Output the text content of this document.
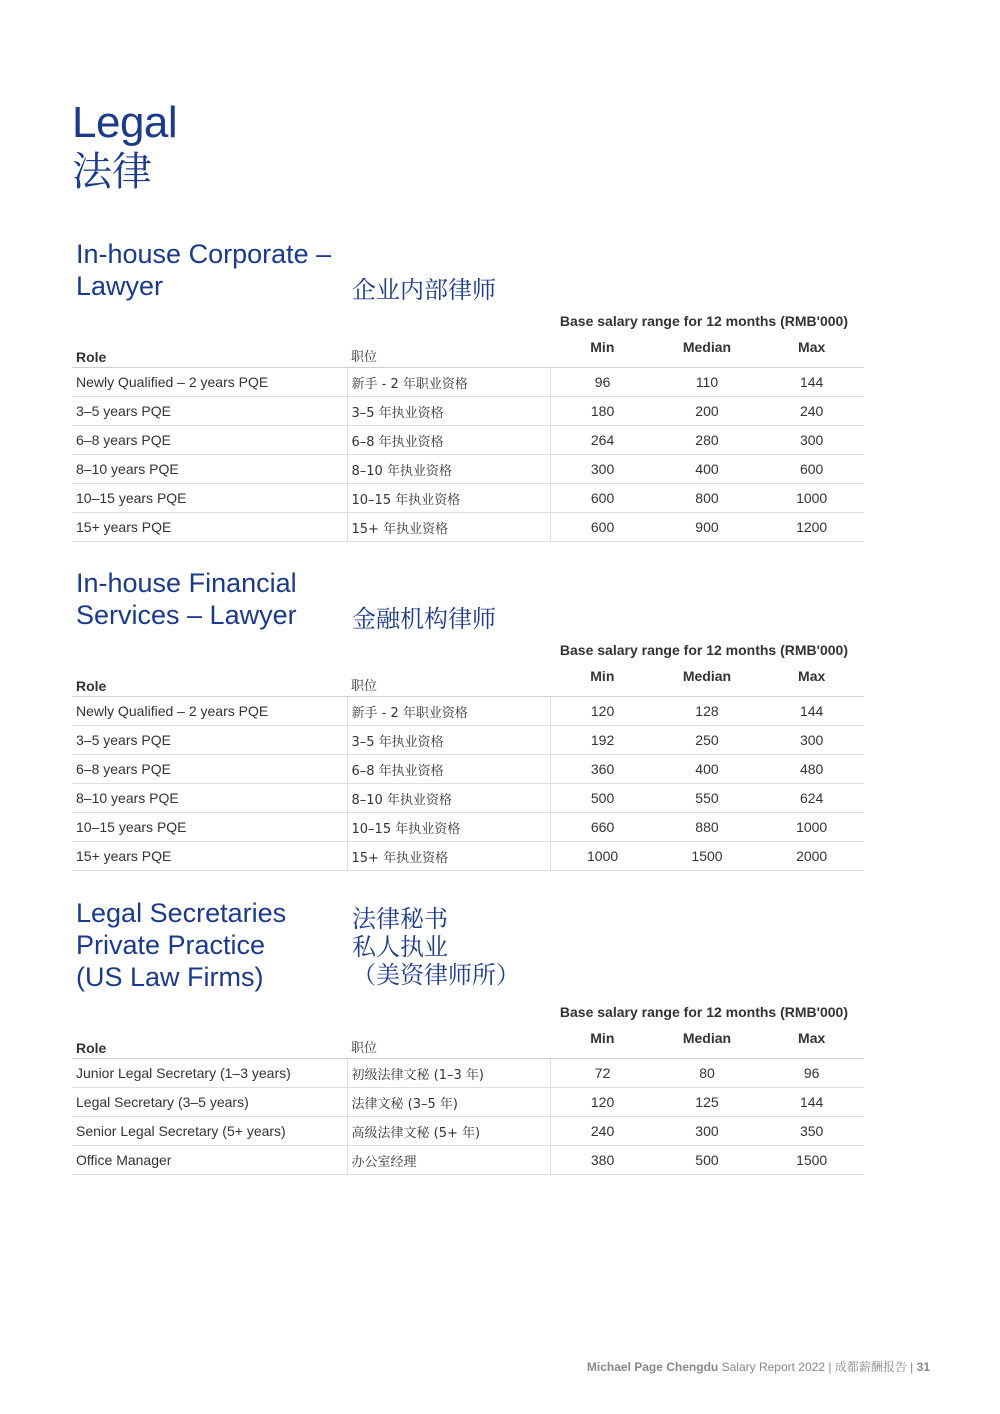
Legal
法律
In-house Corporate –
Lawyer	企业内部律师
Base salary range for 12 months (RMB'000)
Role	职位	Min	Median	Max
Newly Qualified – 2 years PQE	新手 - 2 年职业资格	96	110	144
3–5 years PQE	3–5 年执业资格	180	200	240
6–8 years PQE	6–8 年执业资格	264	280	300
8–10 years PQE	8–10 年执业资格	300	400	600
10–15 years PQE	10–15 年执业资格	600	800	1000
15+ years PQE	15+ 年执业资格	600	900	1200
In-house Financial
Services – Lawyer 金融机构律师
Base salary range for 12 months (RMB'000)
Role	职位	Min	Median	Max
Newly Qualified – 2 years PQE	新手 - 2 年职业资格	120	128	144
3–5 years PQE	3–5 年执业资格	192	250	300
6–8 years PQE	6–8 年执业资格	360	400	480
8–10 years PQE	8–10 年执业资格	500	550	624
10–15 years PQE	10–15 年执业资格	660	880	1000
15+ years PQE	15+ 年执业资格	1000	1500	2000
Legal Secretaries
Private Practice
(US Law Firms)
法律秘书
私人执业
（美资律师所）
Base salary range for 12 months (RMB'000)
Role	职位	Min	Median	Max
Junior Legal Secretary (1–3 years)	初级法律文秘 (1–3 年)	72	80	96
Legal Secretary (3–5 years)	法律文秘 (3–5 年)	120	125	144
Senior Legal Secretary (5+ years)	高级法律文秘 (5+ 年)	240	300	350
Office Manager	办公室经理	380	500	1500
Michael Page Chengdu Salary Report 2022 | 成都薪酬报告 | 31
